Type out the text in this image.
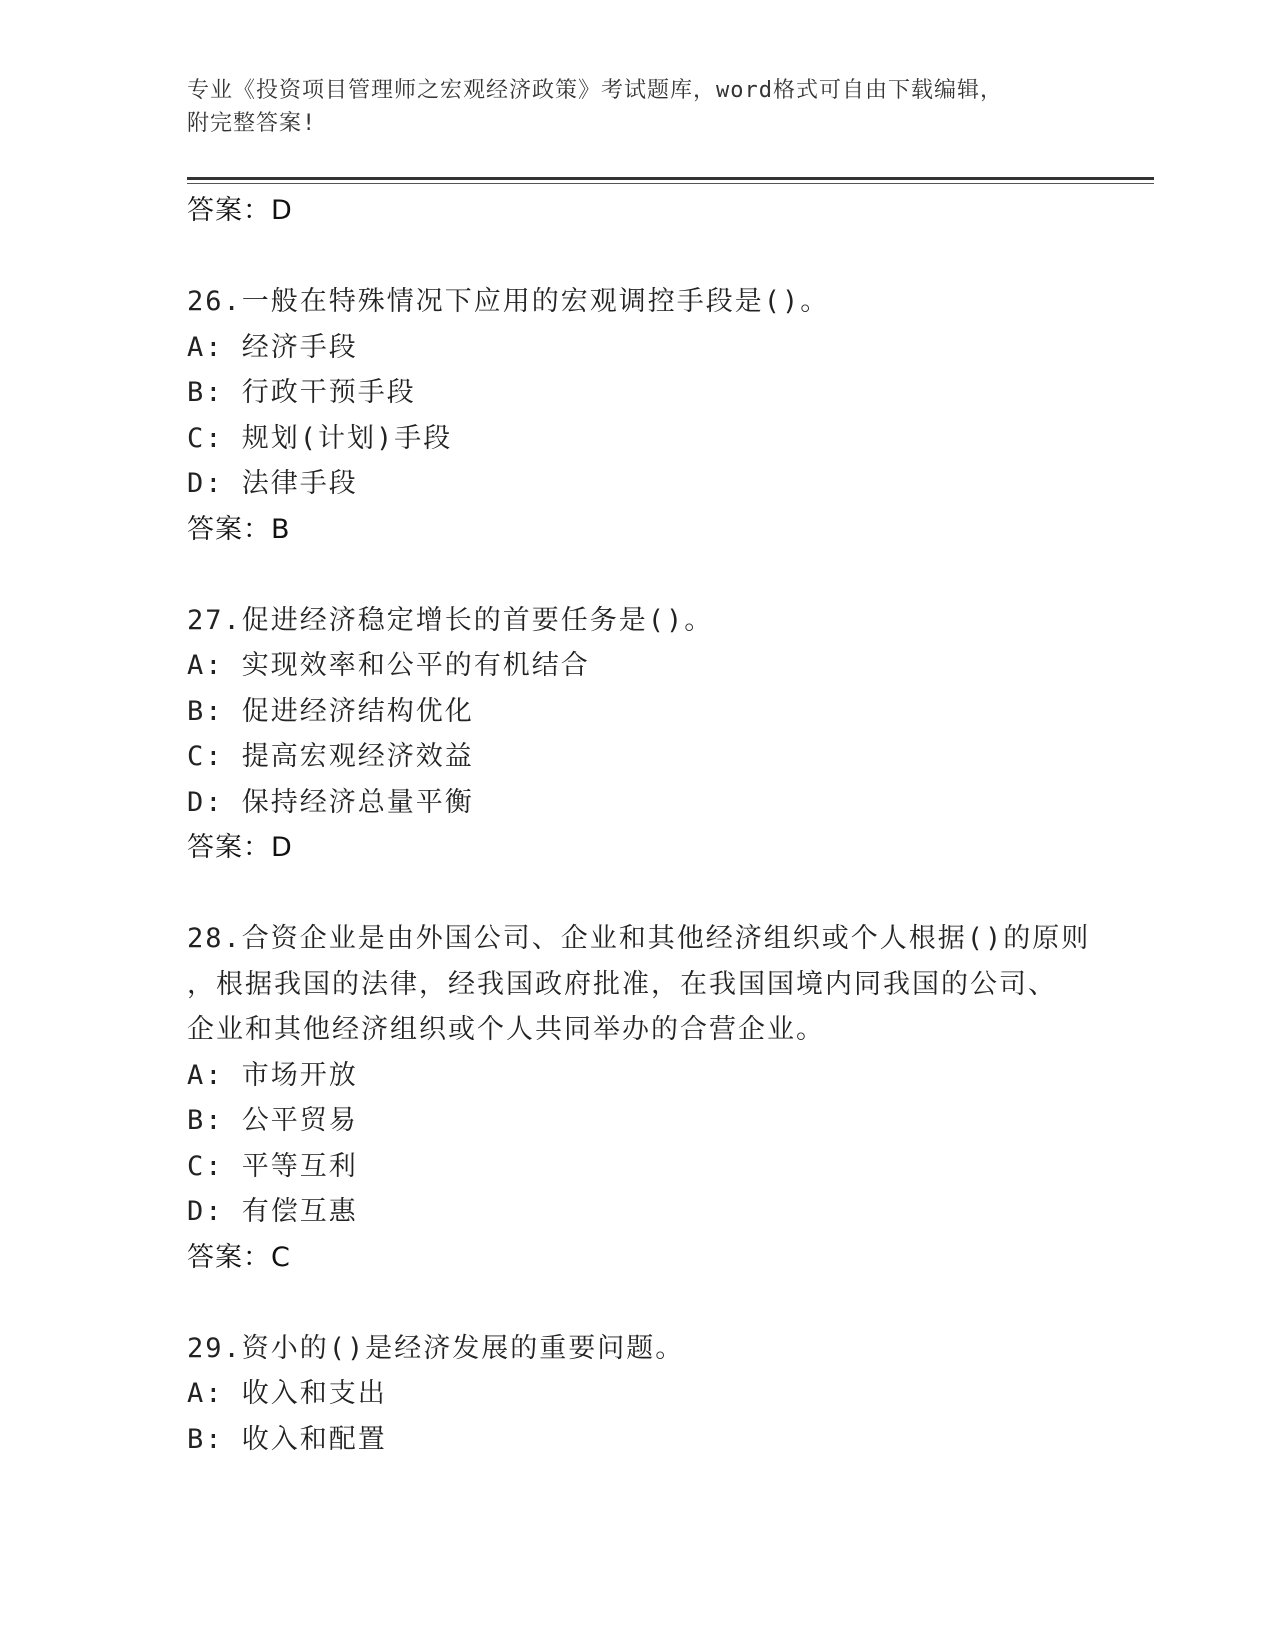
专业《投资项目管理师之宏观经济政策》考试题库，word格式可自由下载编辑，
附完整答案!
答案：D
26.一般在特殊情况下应用的宏观调控手段是()。
A: 经济手段
B: 行政干预手段
C: 规划(计划)手段
D: 法律手段
答案：B
27.促进经济稳定增长的首要任务是()。
A: 实现效率和公平的有机结合
B: 促进经济结构优化
C: 提高宏观经济效益
D: 保持经济总量平衡
答案：D
28.合资企业是由外国公司、企业和其他经济组织或个人根据()的原则
，根据我国的法律，经我国政府批准，在我国国境内同我国的公司、
企业和其他经济组织或个人共同举办的合营企业。
A: 市场开放
B: 公平贸易
C: 平等互利
D: 有偿互惠
答案：C
29.资小的()是经济发展的重要问题。
A: 收入和支出
B: 收入和配置
